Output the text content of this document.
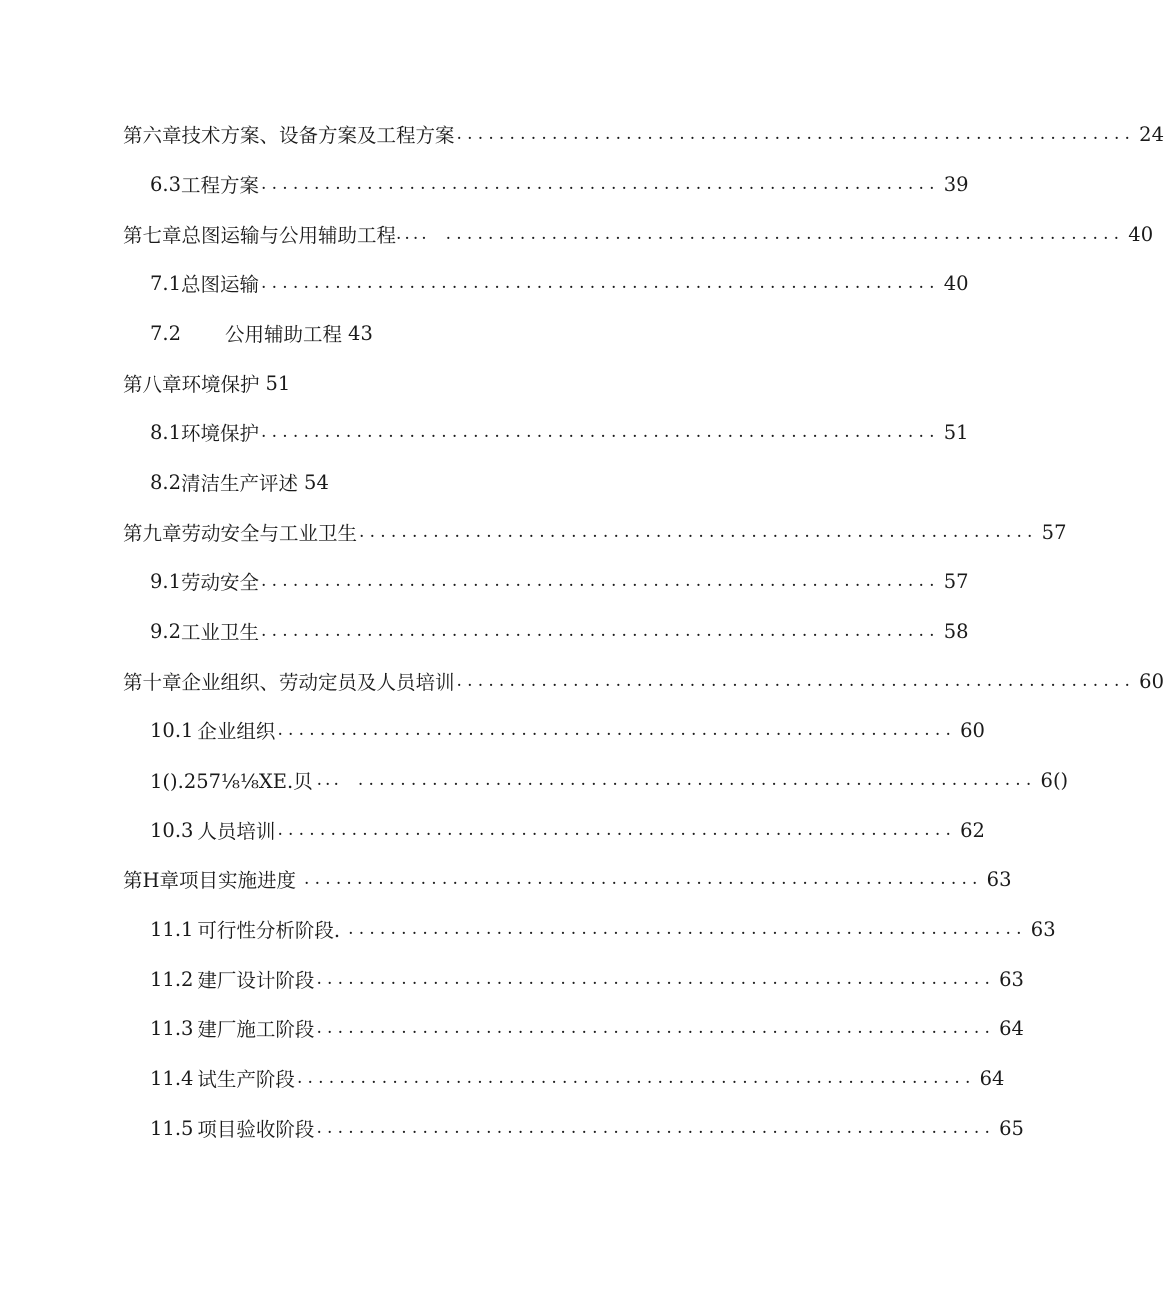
第六章技术方案、设备方案及工程方案 ................................................................ 24
6.3 工程方案 ................................................................ 39
第七章总图运输与公用辅助工程 .... ................................................................ 40
7.1 总图运输 ................................................................ 40
7.2 公用辅助工程 43
第八章环境保护 51
8.1 环境保护 ................................................................ 51
8.2 清洁生产评述 54
第九章劳动安全与工业卫生 ................................................................ 57
9.1 劳动安全 ................................................................ 57
9.2 工业卫生 ................................................................ 58
第十章企业组织、劳动定员及人员培训 ................................................................ 60
10.1 企业组织 ................................................................ 60
1().257⅛⅛XE.贝 ... ................................................................ 6()
10.3 人员培训 ................................................................ 62
第H章项目实施进度 ................................................................ 63
11.1 可行性分析阶段. ................................................................ 63
11.2 建厂设计阶段 ................................................................ 63
11.3 建厂施工阶段 ................................................................ 64
11.4 试生产阶段 ................................................................ 64
11.5 项目验收阶段 ................................................................ 65
